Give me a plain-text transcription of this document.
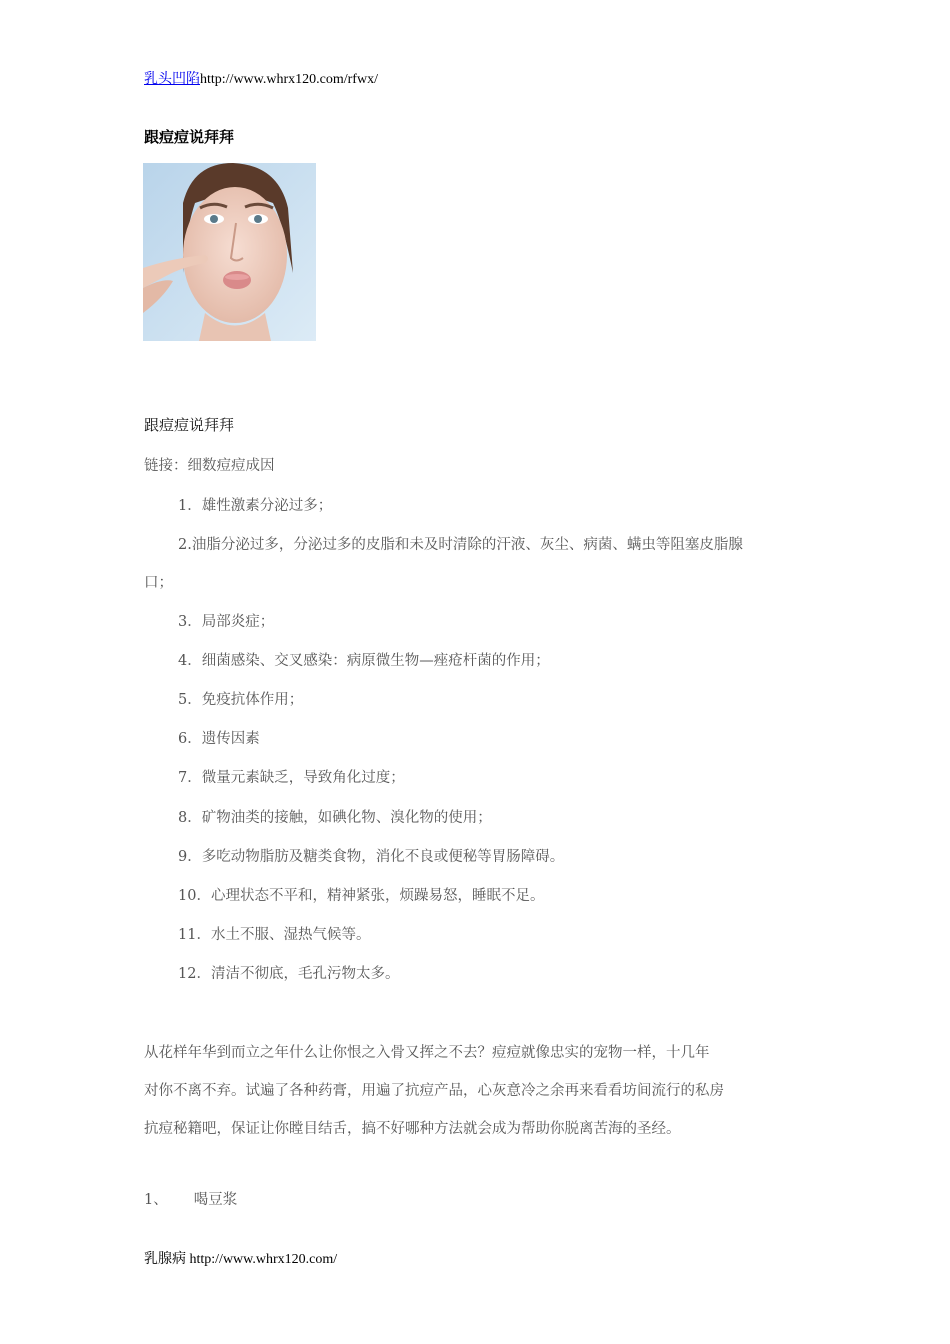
乳头凹陷http://www.whrx120.com/rfwx/
跟痘痘说拜拜
跟痘痘说拜拜
链接：细数痘痘成因
1．雄性激素分泌过多；
2.油脂分泌过多，分泌过多的皮脂和未及时清除的汗液、灰尘、病菌、螨虫等阻塞皮脂腺
口；
3．局部炎症；
4．细菌感染、交叉感染：病原微生物—痤疮杆菌的作用；
5．免疫抗体作用；
6．遗传因素
7．微量元素缺乏，导致角化过度；
8．矿物油类的接触，如碘化物、溴化物的使用；
9．多吃动物脂肪及糖类食物，消化不良或便秘等胃肠障碍。
10．心理状态不平和，精神紧张，烦躁易怒，睡眠不足。
11．水土不服、湿热气候等。
12．清洁不彻底，毛孔污物太多。
从花样年华到而立之年什么让你恨之入骨又挥之不去？痘痘就像忠实的宠物一样，十几年
对你不离不弃。试遍了各种药膏，用遍了抗痘产品，心灰意冷之余再来看看坊间流行的私房
抗痘秘籍吧，保证让你瞠目结舌，搞不好哪种方法就会成为帮助你脱离苦海的圣经。
1、 喝豆浆
乳腺病 http://www.whrx120.com/
